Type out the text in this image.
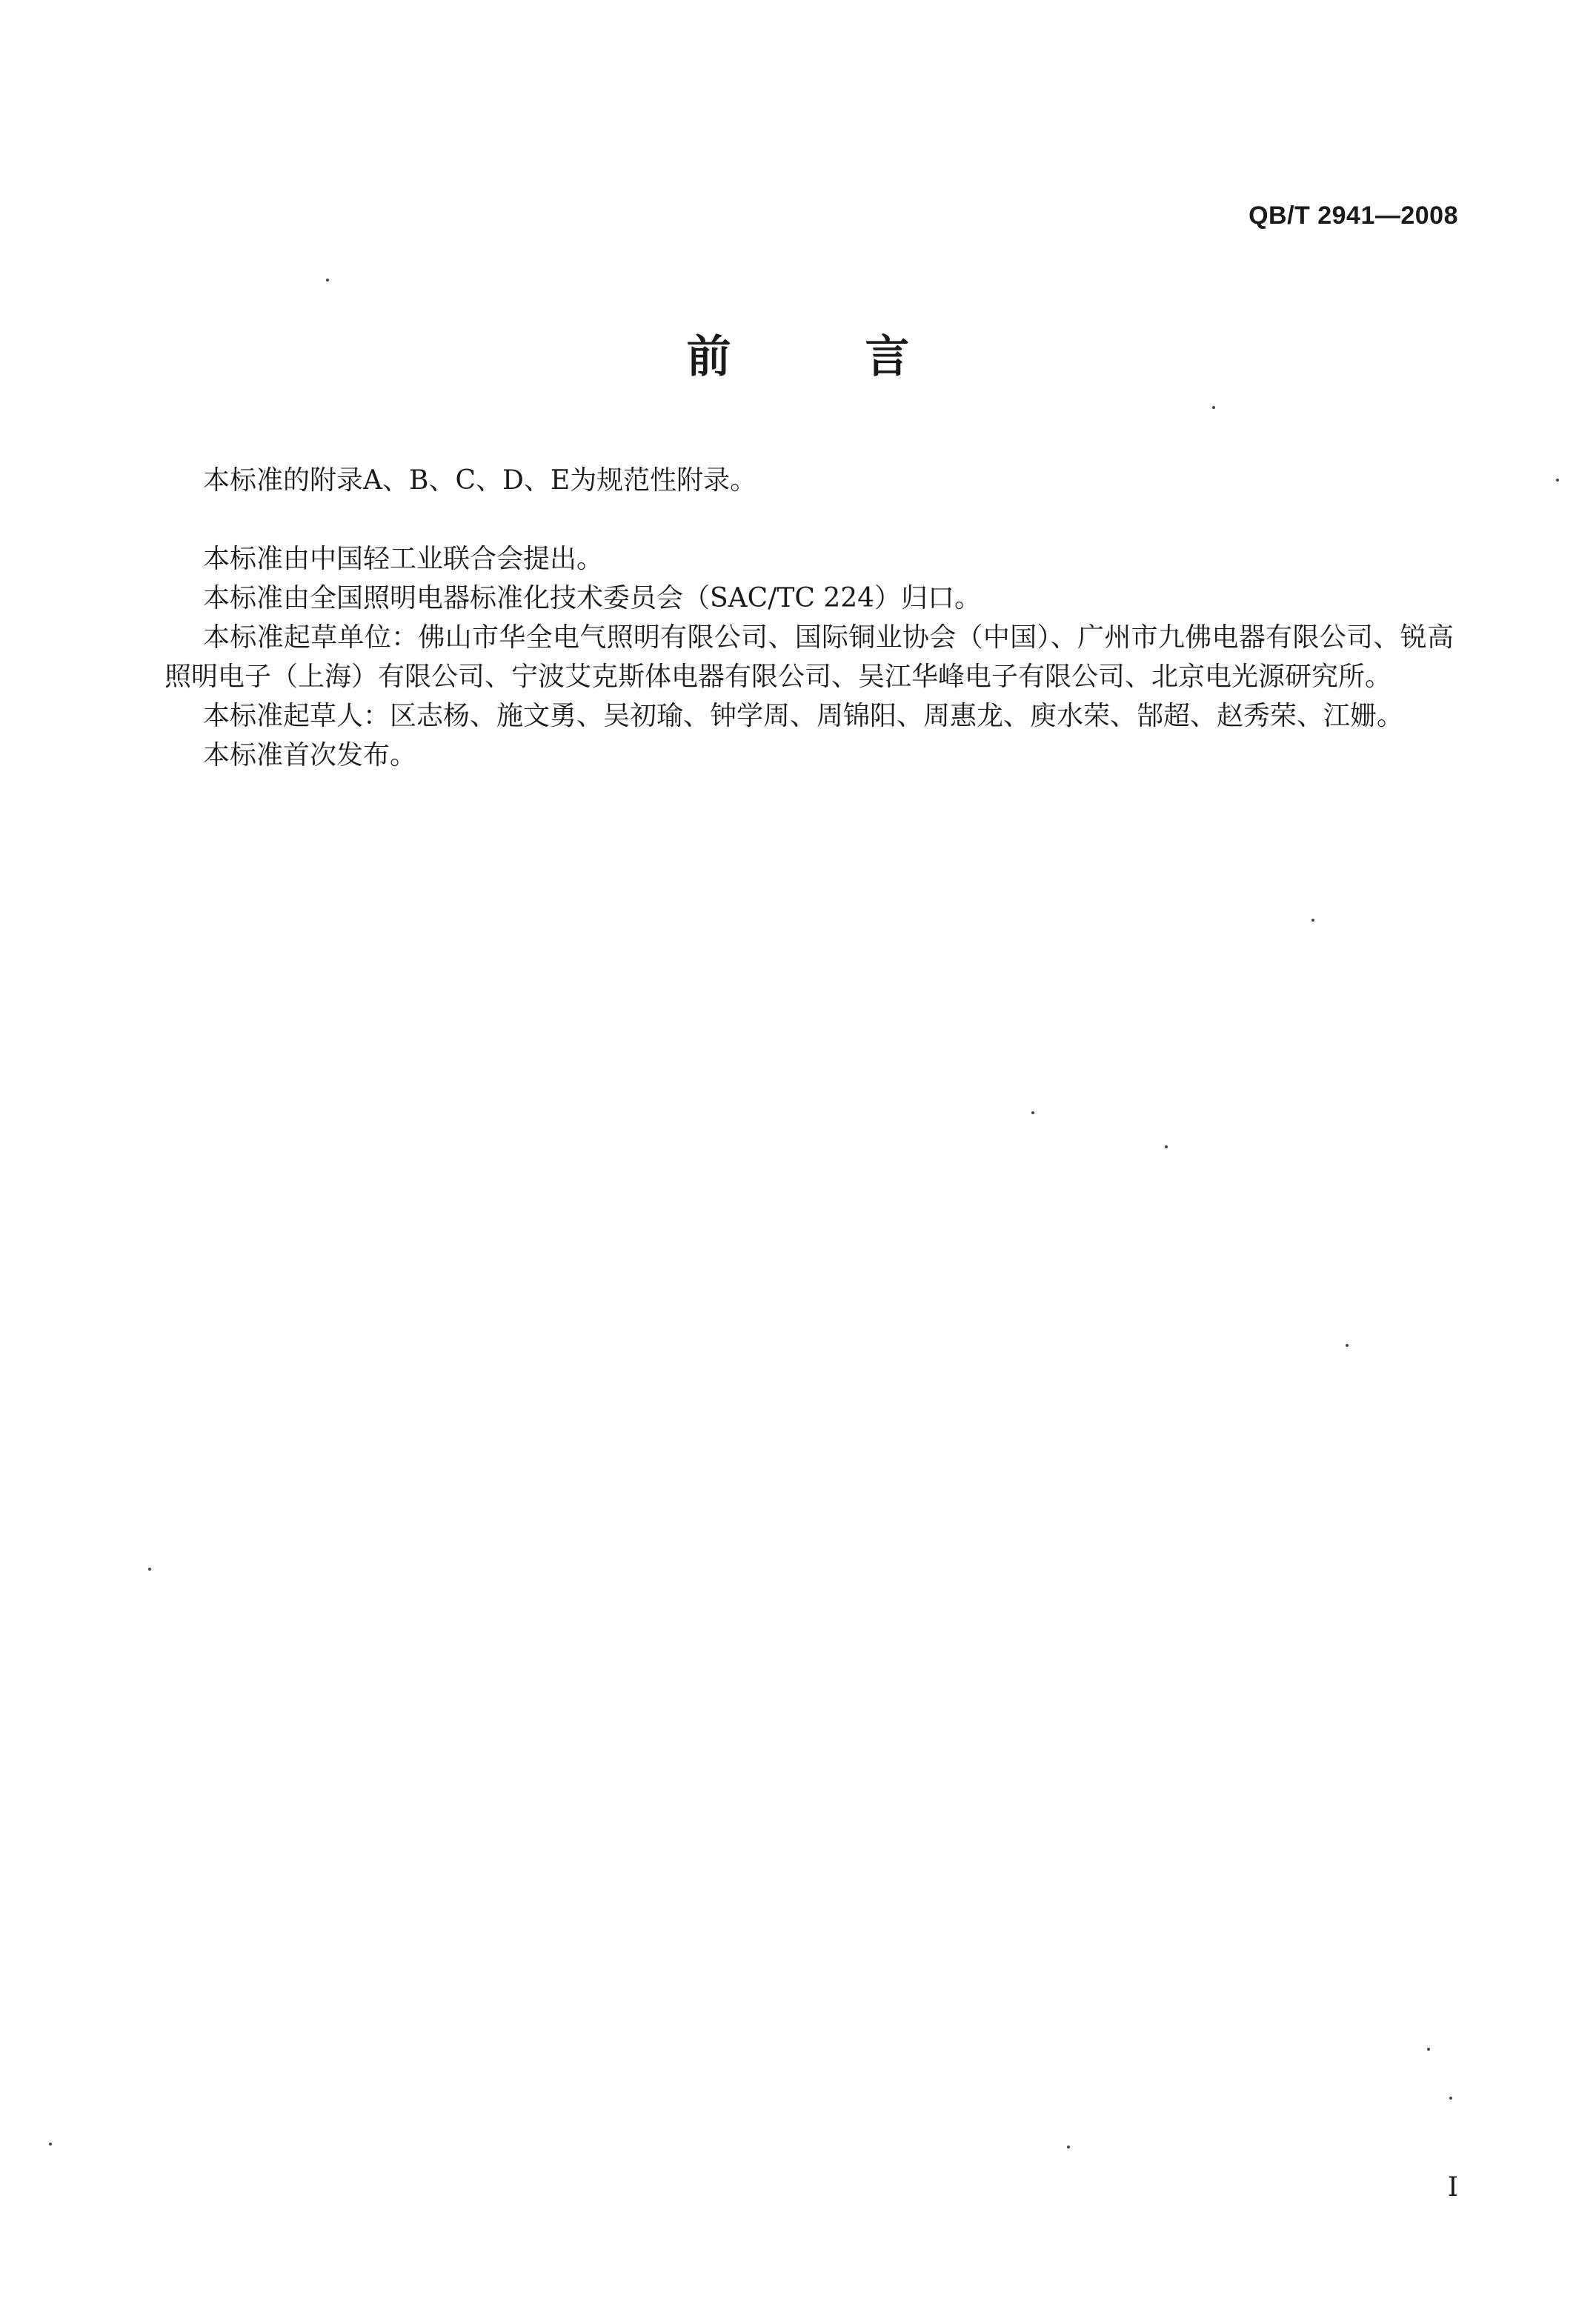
QB/T 2941—2008
前 言

本标准的附录A、B、C、D、E为规范性附录。

本标准由中国轻工业联合会提出。

本标准由全国照明电器标准化技术委员会（SAC/TC 224）归口。

本标准起草单位：佛山市华全电气照明有限公司、国际铜业协会（中国）、广州市九佛电器有限公司、锐高照明电子（上海）有限公司、宁波艾克斯体电器有限公司、吴江华峰电子有限公司、北京电光源研究所。

本标准起草人：区志杨、施文勇、吴初瑜、钟学周、周锦阳、周惠龙、庾水荣、郜超、赵秀荣、江姗。

本标准首次发布。

I
